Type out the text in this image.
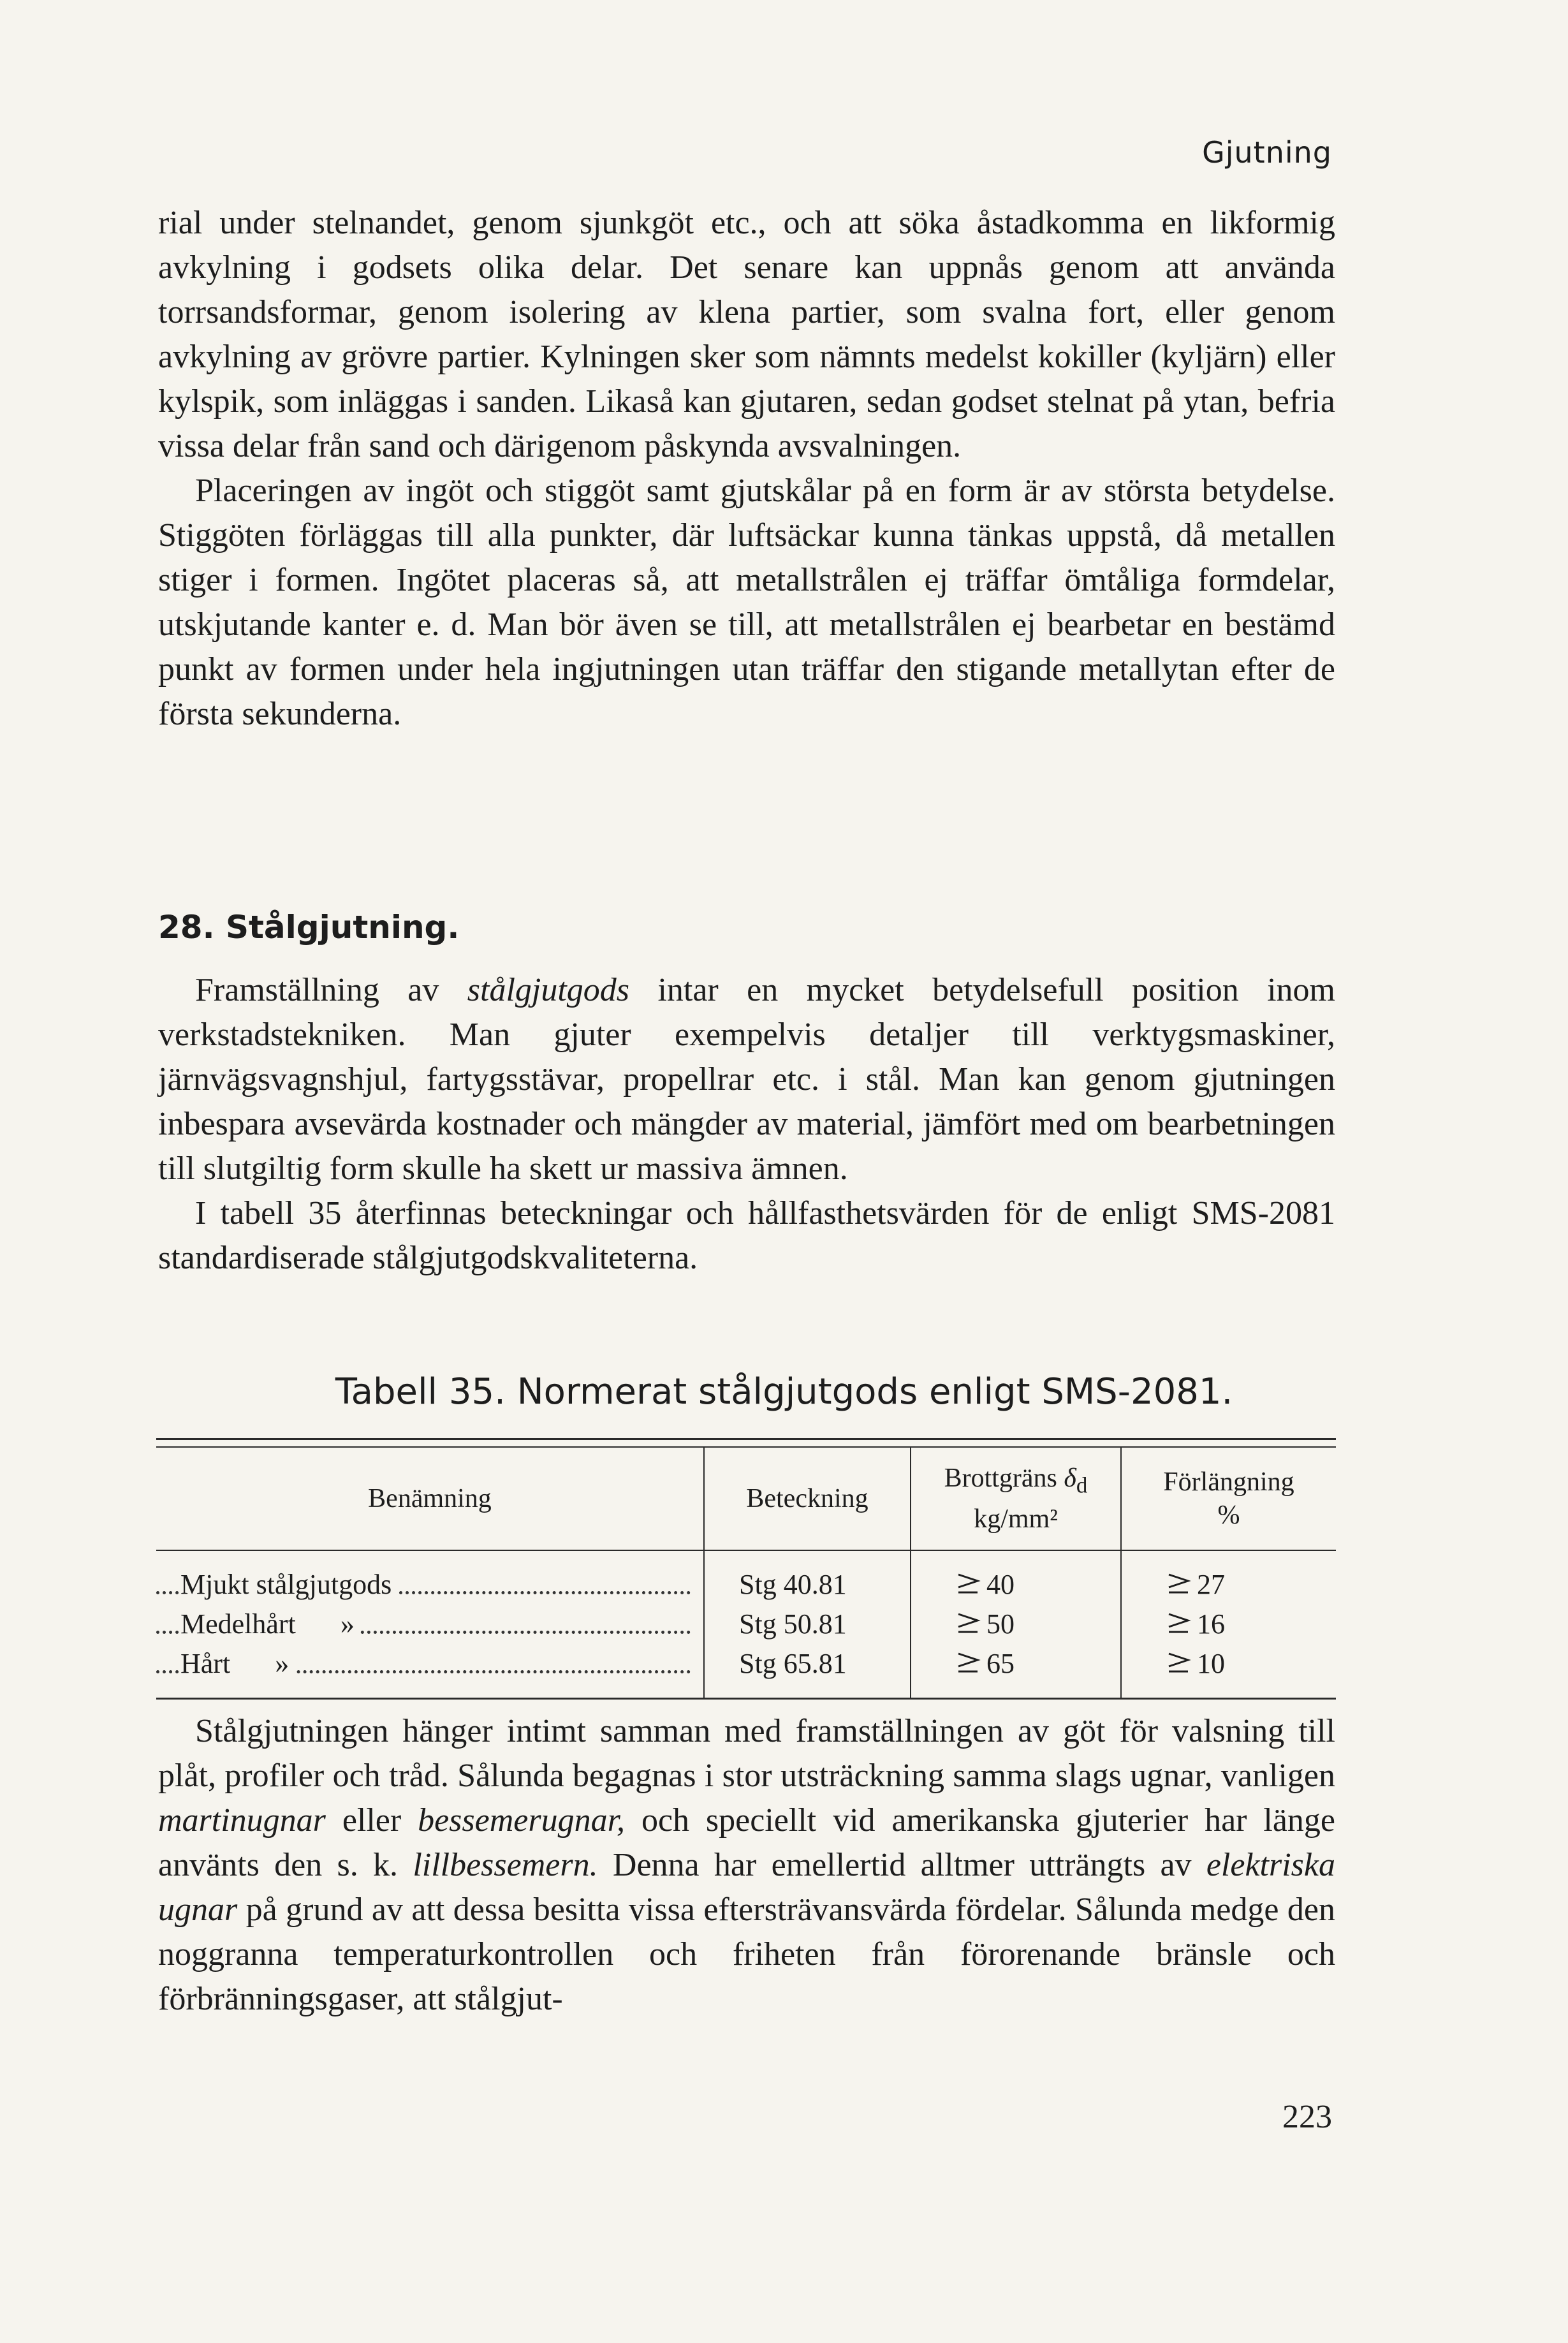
Gjutning

rial under stelnandet, genom sjunkgöt etc., och att söka åstadkomma en likformig avkylning i godsets olika delar. Det senare kan uppnås genom att använda torrsandsformar, genom isolering av klena partier, som svalna fort, eller genom avkylning av grövre partier. Kylningen sker som nämnts medelst kokiller (kyljärn) eller kylspik, som inläggas i sanden. Likaså kan gjutaren, sedan godset stelnat på ytan, befria vissa delar från sand och därigenom påskynda avsvalningen.

Placeringen av ingöt och stiggöt samt gjutskålar på en form är av största betydelse. Stiggöten förläggas till alla punkter, där luftsäckar kunna tänkas uppstå, då metallen stiger i formen. Ingötet placeras så, att metallstrålen ej träffar ömtåliga formdelar, utskjutande kanter e. d. Man bör även se till, att metallstrålen ej bearbetar en bestämd punkt av formen under hela ingjutningen utan träffar den stigande metallytan efter de första sekunderna.

28. Stålgjutning.

Framställning av stålgjutgods intar en mycket betydelsefull position inom verkstadstekniken. Man gjuter exempelvis detaljer till verktygsmaskiner, järnvägsvagnshjul, fartygsstävar, propellrar etc. i stål. Man kan genom gjutningen inbespara avsevärda kostnader och mängder av material, jämfört med om bearbetningen till slutgiltig form skulle ha skett ur massiva ämnen.

I tabell 35 återfinnas beteckningar och hållfasthetsvärden för de enligt SMS-2081 standardiserade stålgjutgodskvaliteterna.

Tabell 35. Normerat stålgjutgods enligt SMS-2081.
Benämning	Beteckning
Brottgräns $\delta_d$
kg/mm²
Förlängning
%
Mjukt stålgjutgods
Medelhårt »
Hårt »
Stg 40.81
Stg 50.81
Stg 65.81
40
50
65
27
16
10

Stålgjutningen hänger intimt samman med framställningen av göt för valsning till plåt, profiler och tråd. Sålunda begagnas i stor utsträckning samma slags ugnar, vanligen martinugnar eller bessemerugnar, och speciellt vid amerikanska gjuterier har länge använts den s. k. lillbessemern. Denna har emellertid alltmer utträngts av elektriska ugnar på grund av att dessa besitta vissa eftersträvansvärda fördelar. Sålunda medge den noggranna temperaturkontrollen och friheten från förorenande bränsle och förbränningsgaser, att stålgjut-

223
